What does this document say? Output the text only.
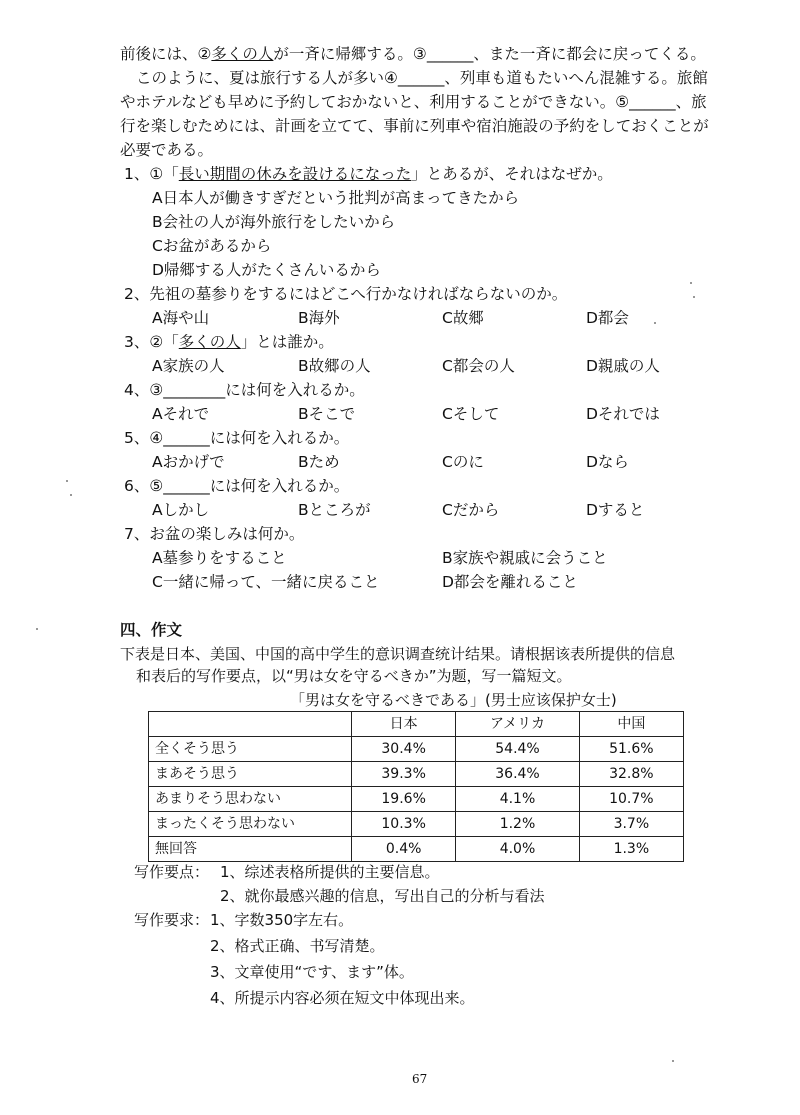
前後には、②多くの人が一斉に帰郷する。③______、また一斉に都会に戻ってくる。
このように、夏は旅行する人が多い④______、列車も道もたいへん混雑する。旅館
やホテルなども早めに予約しておかないと、利用することができない。⑤______、旅
行を楽しむためには、計画を立てて、事前に列車や宿泊施設の予約をしておくことが
必要である。
1、①「長い期間の休みを設けるになった」とあるが、それはなぜか。
A日本人が働きすぎだという批判が高まってきたから
B会社の人が海外旅行をしたいから
Cお盆があるから
D帰郷する人がたくさんいるから
2、先祖の墓参りをするにはどこへ行かなければならないのか。
A海や山	B海外	C故郷	D都会
3、②「多くの人」とは誰か。
A家族の人	B故郷の人	C都会の人	D親戚の人
4、③________には何を入れるか。
Aそれで	Bそこで	Cそして	Dそれでは
5、④______には何を入れるか。
Aおかげで	Bため	Cのに	Dなら
6、⑤______には何を入れるか。
Aしかし	Bところが	Cだから	Dすると
7、お盆の楽しみは何か。
A墓参りをすること	B家族や親戚に会うこと
C一緒に帰って、一緒に戻ること	D都会を離れること
四、作文
下表是日本、美国、中国的高中学生的意识调查统计结果。请根据该表所提供的信息
和表后的写作要点，以“男は女を守るべきか”为题，写一篇短文。
「男は女を守るべきである」(男士应该保护女士)
	日本	アメリカ	中国
全くそう思う	30.4%	54.4%	51.6%
まあそう思う	39.3%	36.4%	32.8%
あまりそう思わない	19.6%	4.1%	10.7%
まったくそう思わない	10.3%	1.2%	3.7%
無回答	0.4%	4.0%	1.3%
写作要点： 1、综述表格所提供的主要信息。
2、就你最感兴趣的信息，写出自己的分析与看法
写作要求： 1、字数350字左右。
2、格式正确、书写清楚。
3、文章使用“です、ます”体。
4、所提示内容必须在短文中体现出来。
67
